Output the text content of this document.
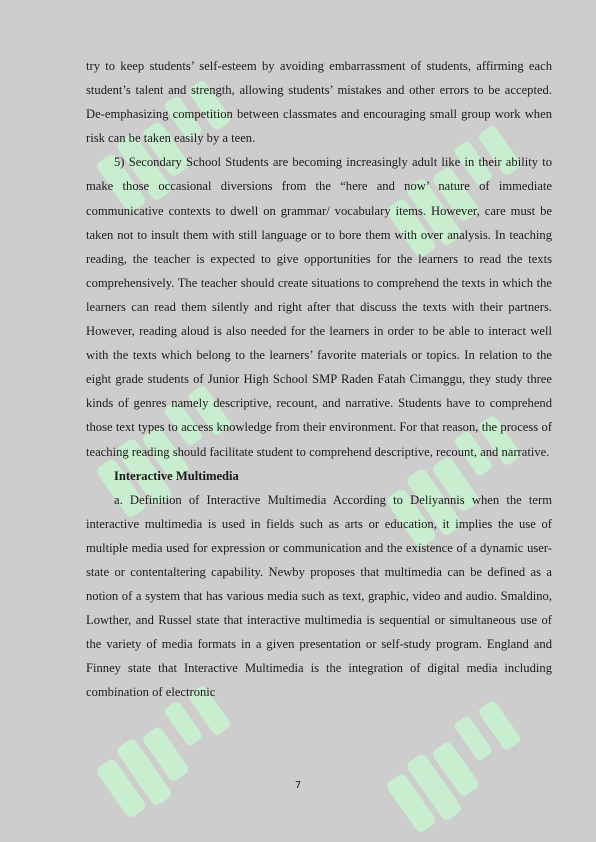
try to keep students’ self-esteem by avoiding embarrassment of students, affirming each student’s talent and strength, allowing students’ mistakes and other errors to be accepted. De-emphasizing competition between classmates and encouraging small group work when risk can be taken easily by a teen.

5) Secondary School Students are becoming increasingly adult like in their ability to make those occasional diversions from the “here and now’ nature of immediate communicative contexts to dwell on grammar/ vocabulary items. However, care must be taken not to insult them with still language or to bore them with over analysis. In teaching reading, the teacher is expected to give opportunities for the learners to read the texts comprehensively. The teacher should create situations to comprehend the texts in which the learners can read them silently and right after that discuss the texts with their partners. However, reading aloud is also needed for the learners in order to be able to interact well with the texts which belong to the learners’ favorite materials or topics. In relation to the eight grade students of Junior High School SMP Raden Fatah Cimanggu, they study three kinds of genres namely descriptive, recount, and narrative. Students have to comprehend those text types to access knowledge from their environment. For that reason, the process of teaching reading should facilitate student to comprehend descriptive, recount, and narrative.

Interactive Multimedia

a. Definition of Interactive Multimedia According to Deliyannis when the term interactive multimedia is used in fields such as arts or education, it implies the use of multiple media used for expression or communication and the existence of a dynamic user-state or contentaltering capability. Newby proposes that multimedia can be defined as a notion of a system that has various media such as text, graphic, video and audio. Smaldino, Lowther, and Russel state that interactive multimedia is sequential or simultaneous use of the variety of media formats in a given presentation or self-study program. England and Finney state that Interactive Multimedia is the integration of digital media including combination of electronic

7
